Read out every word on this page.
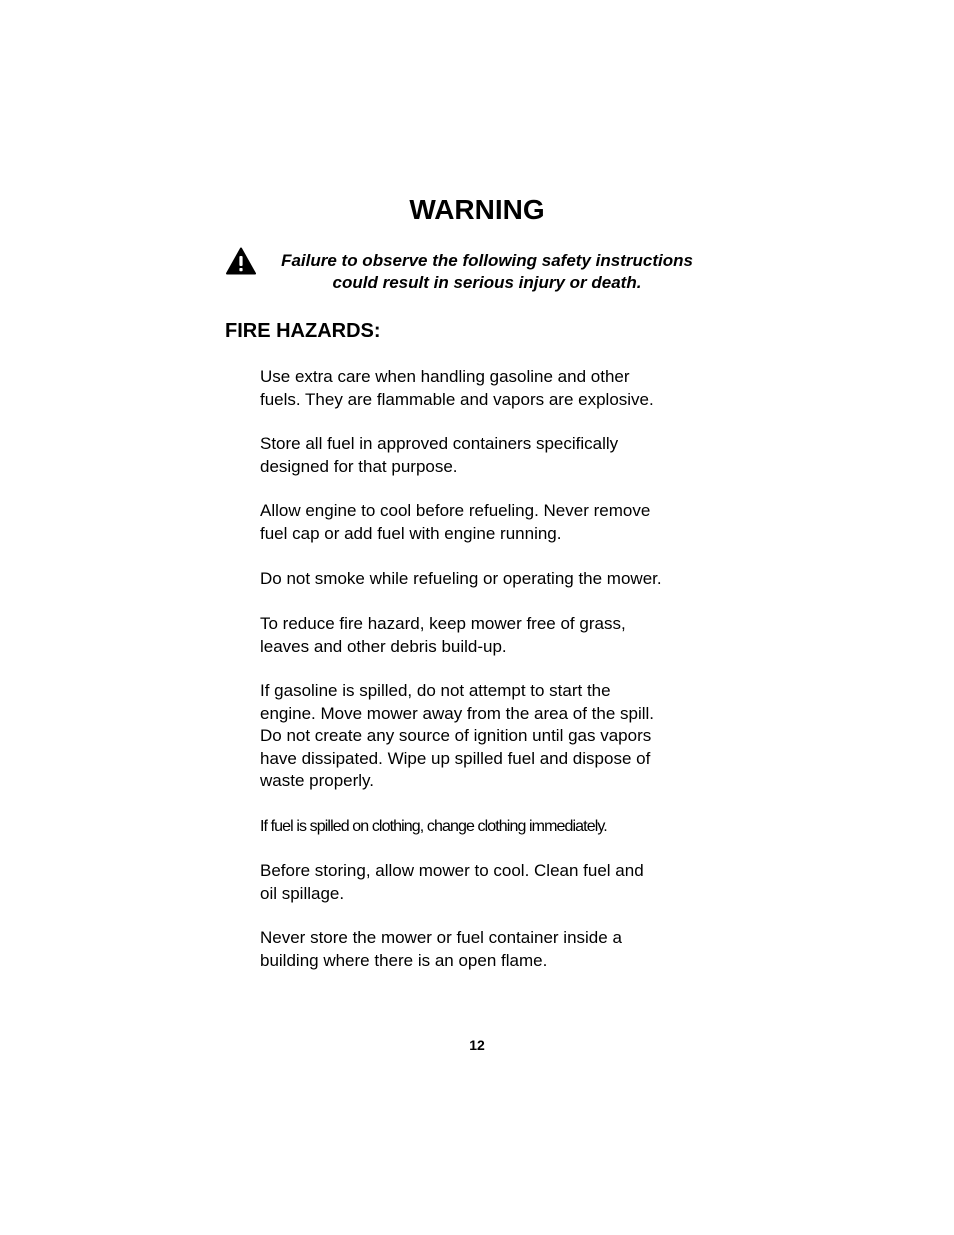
WARNING

Failure to observe the following safety instructions
could result in serious injury or death.

FIRE HAZARDS:

Use extra care when handling gasoline and other
fuels. They are flammable and vapors are explosive.

Store all fuel in approved containers specifically
designed for that purpose.

Allow engine to cool before refueling. Never remove
fuel cap or add fuel with engine running.

Do not smoke while refueling or operating the mower.

To reduce fire hazard, keep mower free of grass,
leaves and other debris build-up.

If gasoline is spilled, do not attempt to start the
engine. Move mower away from the area of the spill.
Do not create any source of ignition until gas vapors
have dissipated. Wipe up spilled fuel and dispose of
waste properly.

If fuel is spilled on clothing, change clothing immediately.

Before storing, allow mower to cool. Clean fuel and
oil spillage.

Never store the mower or fuel container inside a
building where there is an open flame.

12
